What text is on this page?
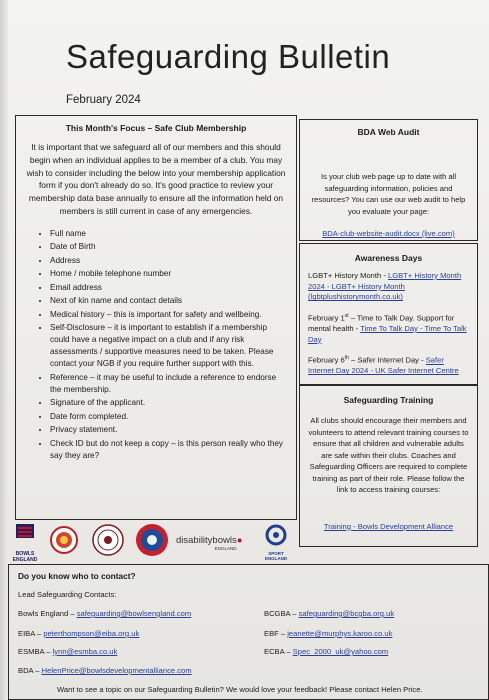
Safeguarding Bulletin
February 2024
This Month's Focus – Safe Club Membership
It is important that we safeguard all of our members and this should begin when an individual applies to be a member of a club. You may wish to consider including the below into your membership application form if you don't already do so. It's good practice to review your membership data base annually to ensure all the information held on members is still current in case of any emergencies.
• Full name
• Date of Birth
• Address
• Home / mobile telephone number
• Email address
• Next of kin name and contact details
• Medical history – this is important for safety and wellbeing.
• Self-Disclosure – it is important to establish if a membership could have a negative impact on a club and if any risk assessments / supportive measures need to be taken. Please contact your NGB if you require further support with this.
• Reference – it may be useful to include a reference to endorse the membership.
• Signature of the applicant.
• Date form completed.
• Privacy statement.
• Check ID but do not keep a copy – is this person really who they say they are?
BDA Web Audit
Is your club web page up to date with all safeguarding information, policies and resources? You can use our web audit to help you evaluate your page:
BDA-club-website-audit.docx (live.com)
Awareness Days
LGBT+ History Month - LGBT+ History Month 2024 - LGBT+ History Month (lgbtplushistorymonth.co.uk)
February 1st – Time to Talk Day. Support for mental health - Time To Talk Day - Time To Talk Day
February 6th – Safer Internet Day - Safer Internet Day 2024 - UK Safer Internet Centre
Safeguarding Training
All clubs should encourage their members and volunteers to attend relevant training courses to ensure that all children and vulnerable adults are safe within their clubs. Coaches and Safeguarding Officers are required to complete training as part of their role. Please follow the link to access training courses:
Training - Bowls Development Alliance
BOWLS ENGLAND
disabilitybowls●
ENGLAND
SPORT ENGLAND
Do you know who to contact?
Lead Safeguarding Contacts:
Bowls England – safeguarding@bowlsengland.com	BCGBA – safeguarding@bcgba.org.uk
EIBA – peterthompson@eiba.org.uk	EBF – jeanette@murphys.karoo.co.uk
ESMBA – lynn@esmba.co.uk	ECBA – Spec_2000_uk@yahoo.com
BDA – HelenPrice@bowlsdevelopmentalliance.com
Want to see a topic on our Safeguarding Bulletin? We would love your feedback! Please contact Helen Price.
